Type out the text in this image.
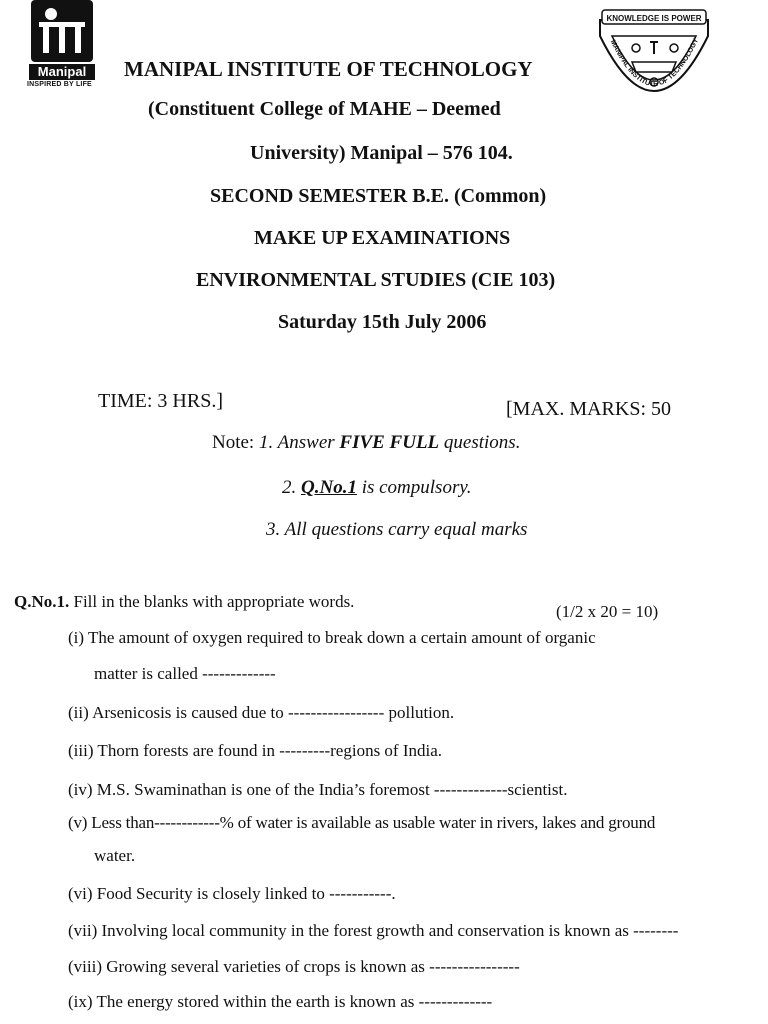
Manipal
INSPIRED BY LIFE
KNOWLEDGE IS POWER
MANIPAL INSTITUTE OF TECHNOLOGY
MANIPAL INSTITUTE OF TECHNOLOGY
(Constituent College of MAHE – Deemed
University) Manipal – 576 104.
SECOND SEMESTER B.E. (Common)
MAKE UP EXAMINATIONS
ENVIRONMENTAL STUDIES (CIE 103)
Saturday 15th July 2006
TIME: 3 HRS.]	[MAX. MARKS: 50
Note: 1. Answer FIVE FULL questions.
2. Q.No.1 is compulsory.
3. All questions carry equal marks
Q.No.1. Fill in the blanks with appropriate words.
(1/2 x 20 = 10)
(i) The amount of oxygen required to break down a certain amount of organic
matter is called -------------
(ii) Arsenicosis is caused due to ----------------- pollution.
(iii) Thorn forests are found in ---------regions of India.
(iv) M.S. Swaminathan is one of the India’s foremost -------------scientist.
(v) Less than------------% of water is available as usable water in rivers, lakes and ground
water.
(vi) Food Security is closely linked to -----------.
(vii) Involving local community in the forest growth and conservation is known as --------
(viii) Growing several varieties of crops is known as ----------------
(ix) The energy stored within the earth is known as -------------
